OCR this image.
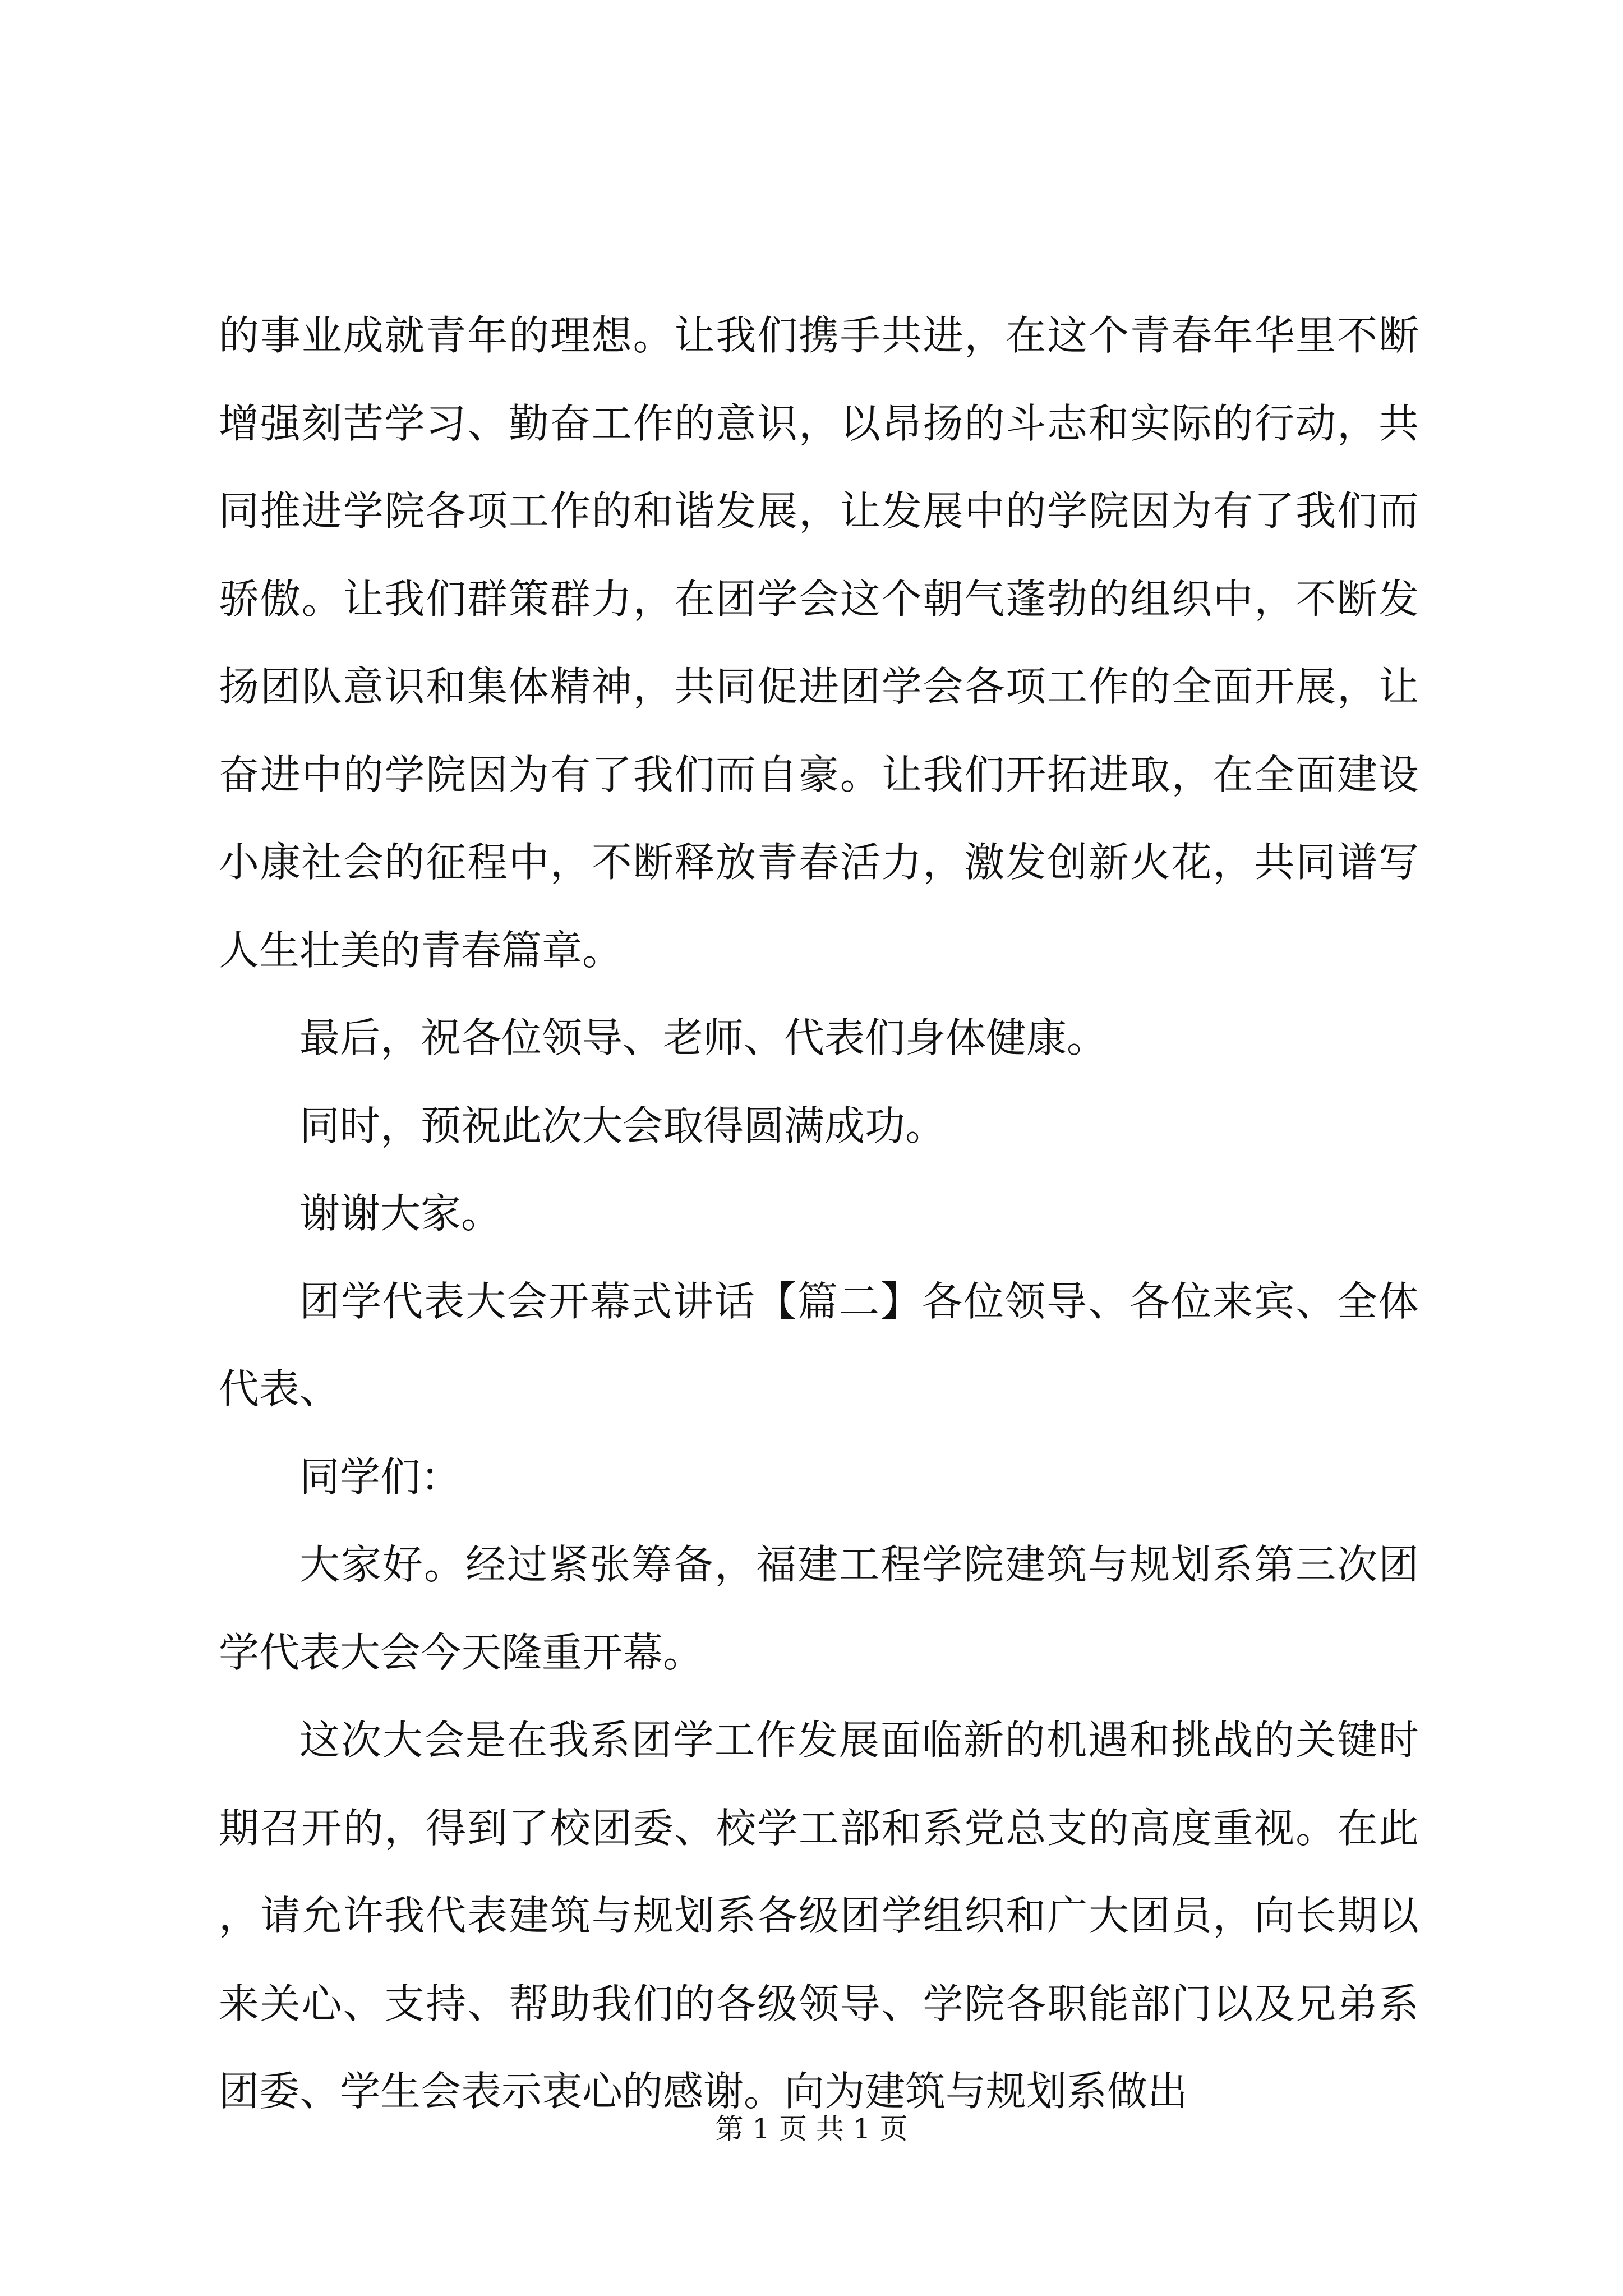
的事业成就青年的理想。让我们携手共进，在这个青春年华里不断增强刻苦学习、勤奋工作的意识，以昂扬的斗志和实际的行动，共同推进学院各项工作的和谐发展，让发展中的学院因为有了我们而骄傲。让我们群策群力，在团学会这个朝气蓬勃的组织中，不断发扬团队意识和集体精神，共同促进团学会各项工作的全面开展，让奋进中的学院因为有了我们而自豪。让我们开拓进取，在全面建设小康社会的征程中，不断释放青春活力，激发创新火花，共同谱写人生壮美的青春篇章。

最后，祝各位领导、老师、代表们身体健康。

同时，预祝此次大会取得圆满成功。

谢谢大家。

团学代表大会开幕式讲话【篇二】各位领导、各位来宾、全体代表、

同学们：

大家好。经过紧张筹备，福建工程学院建筑与规划系第三次团学代表大会今天隆重开幕。

这次大会是在我系团学工作发展面临新的机遇和挑战的关键时期召开的，得到了校团委、校学工部和系党总支的高度重视。在此，请允许我代表建筑与规划系各级团学组织和广大团员，向长期以来关心、支持、帮助我们的各级领导、学院各职能部门以及兄弟系团委、学生会表示衷心的感谢。向为建筑与规划系做出

第 1 页 共 1 页
